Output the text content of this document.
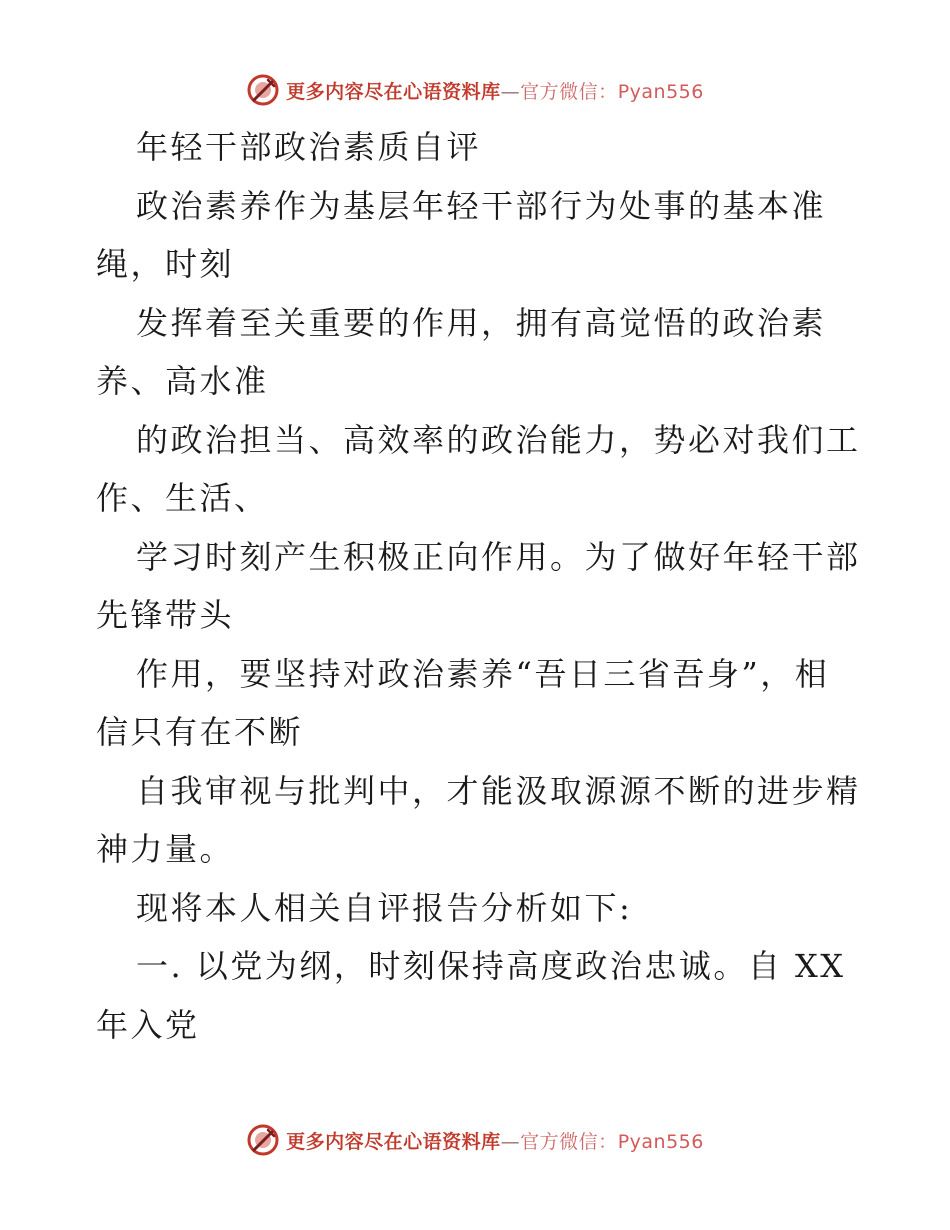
更多内容尽在心语资料库—官方微信：Pyan556
年轻干部政治素质自评
政治素养作为基层年轻干部行为处事的基本准
绳，时刻
发挥着至关重要的作用，拥有高觉悟的政治素
养、高水准
的政治担当、高效率的政治能力，势必对我们工
作、生活、
学习时刻产生积极正向作用。为了做好年轻干部
先锋带头
作用，要坚持对政治素养“吾日三省吾身”，相
信只有在不断
自我审视与批判中，才能汲取源源不断的进步精
神力量。
现将本人相关自评报告分析如下:
一. 以党为纲，时刻保持高度政治忠诚。自 XX
年入党
更多内容尽在心语资料库—官方微信：Pyan556
